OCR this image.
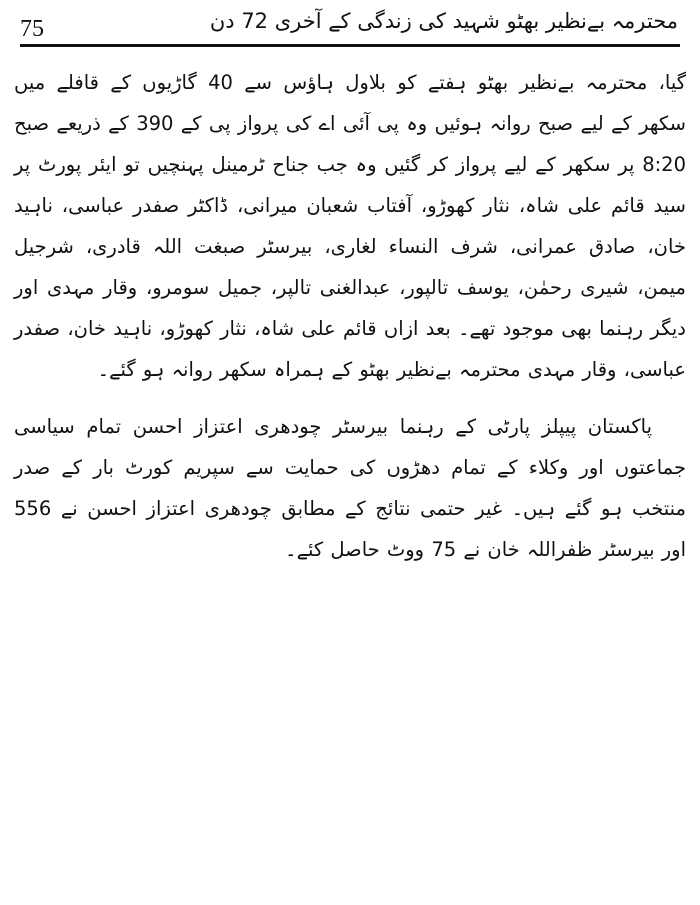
75	محترمہ بےنظیر بھٹو شہید کی زندگی کے آخری 72 دن

گیا، محترمہ بےنظیر بھٹو ہفتے کو بلاول ہاؤس سے 40 گاڑیوں کے قافلے میں سکھر کے لیے صبح روانہ ہوئیں وہ پی آئی اے کی پرواز پی کے 390 کے ذریعے صبح 8:20 پر سکھر کے لیے پرواز کر گئیں وہ جب جناح ٹرمینل پہنچیں تو ایئر پورٹ پر سید قائم علی شاہ، نثار کھوڑو، آفتاب شعبان میرانی، ڈاکٹر صفدر عباسی، ناہید خان، صادق عمرانی، شرف النساء لغاری، بیرسٹر صبغت اللہ قادری، شرجیل میمن، شیری رحمٰن، یوسف تالپور، عبدالغنی تالپر، جمیل سومرو، وقار مہدی اور دیگر رہنما بھی موجود تھے۔ بعد ازاں قائم علی شاہ، نثار کھوڑو، ناہید خان، صفدر عباسی، وقار مہدی محترمہ بےنظیر بھٹو کے ہمراہ سکھر روانہ ہو گئے۔

پاکستان پیپلز پارٹی کے رہنما بیرسٹر چودھری اعتزاز احسن تمام سیاسی جماعتوں اور وکلاء کے تمام دھڑوں کی حمایت سے سپریم کورٹ بار کے صدر منتخب ہو گئے ہیں۔ غیر حتمی نتائج کے مطابق چودھری اعتزاز احسن نے 556 اور بیرسٹر ظفراللہ خان نے 75 ووٹ حاصل کئے۔
